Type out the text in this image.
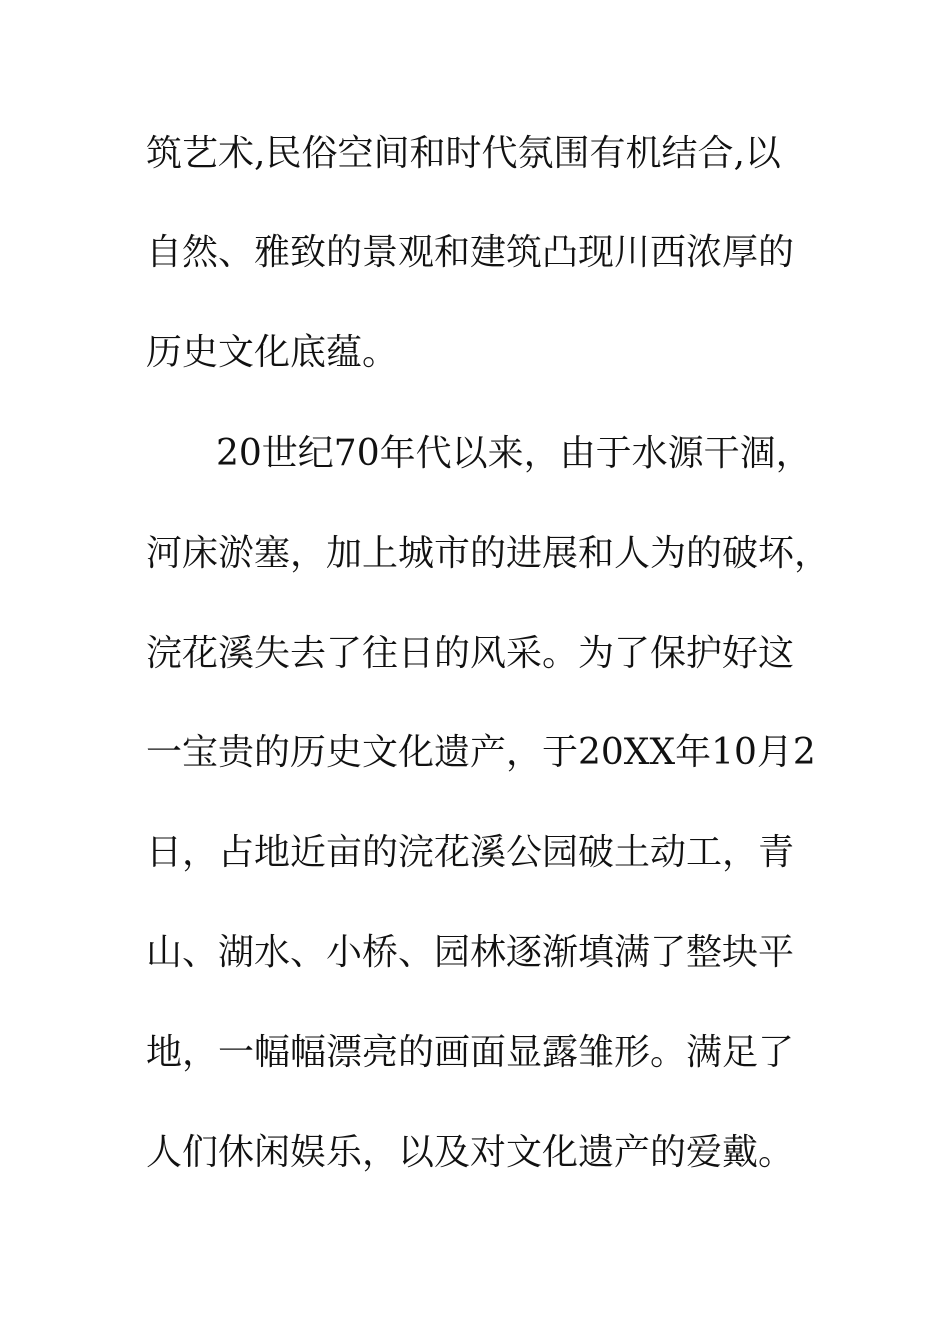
筑艺术,民俗空间和时代氛围有机结合,以
自然、雅致的景观和建筑凸现川西浓厚的
历史文化底蕴。
20世纪70年代以来，由于水源干涸，
河床淤塞，加上城市的进展和人为的破坏，
浣花溪失去了往日的风采。为了保护好这
一宝贵的历史文化遗产，于20XX年10月2
日，占地近亩的浣花溪公园破土动工，青
山、湖水、小桥、园林逐渐填满了整块平
地，一幅幅漂亮的画面显露雏形。满足了
人们休闲娱乐，以及对文化遗产的爱戴。
